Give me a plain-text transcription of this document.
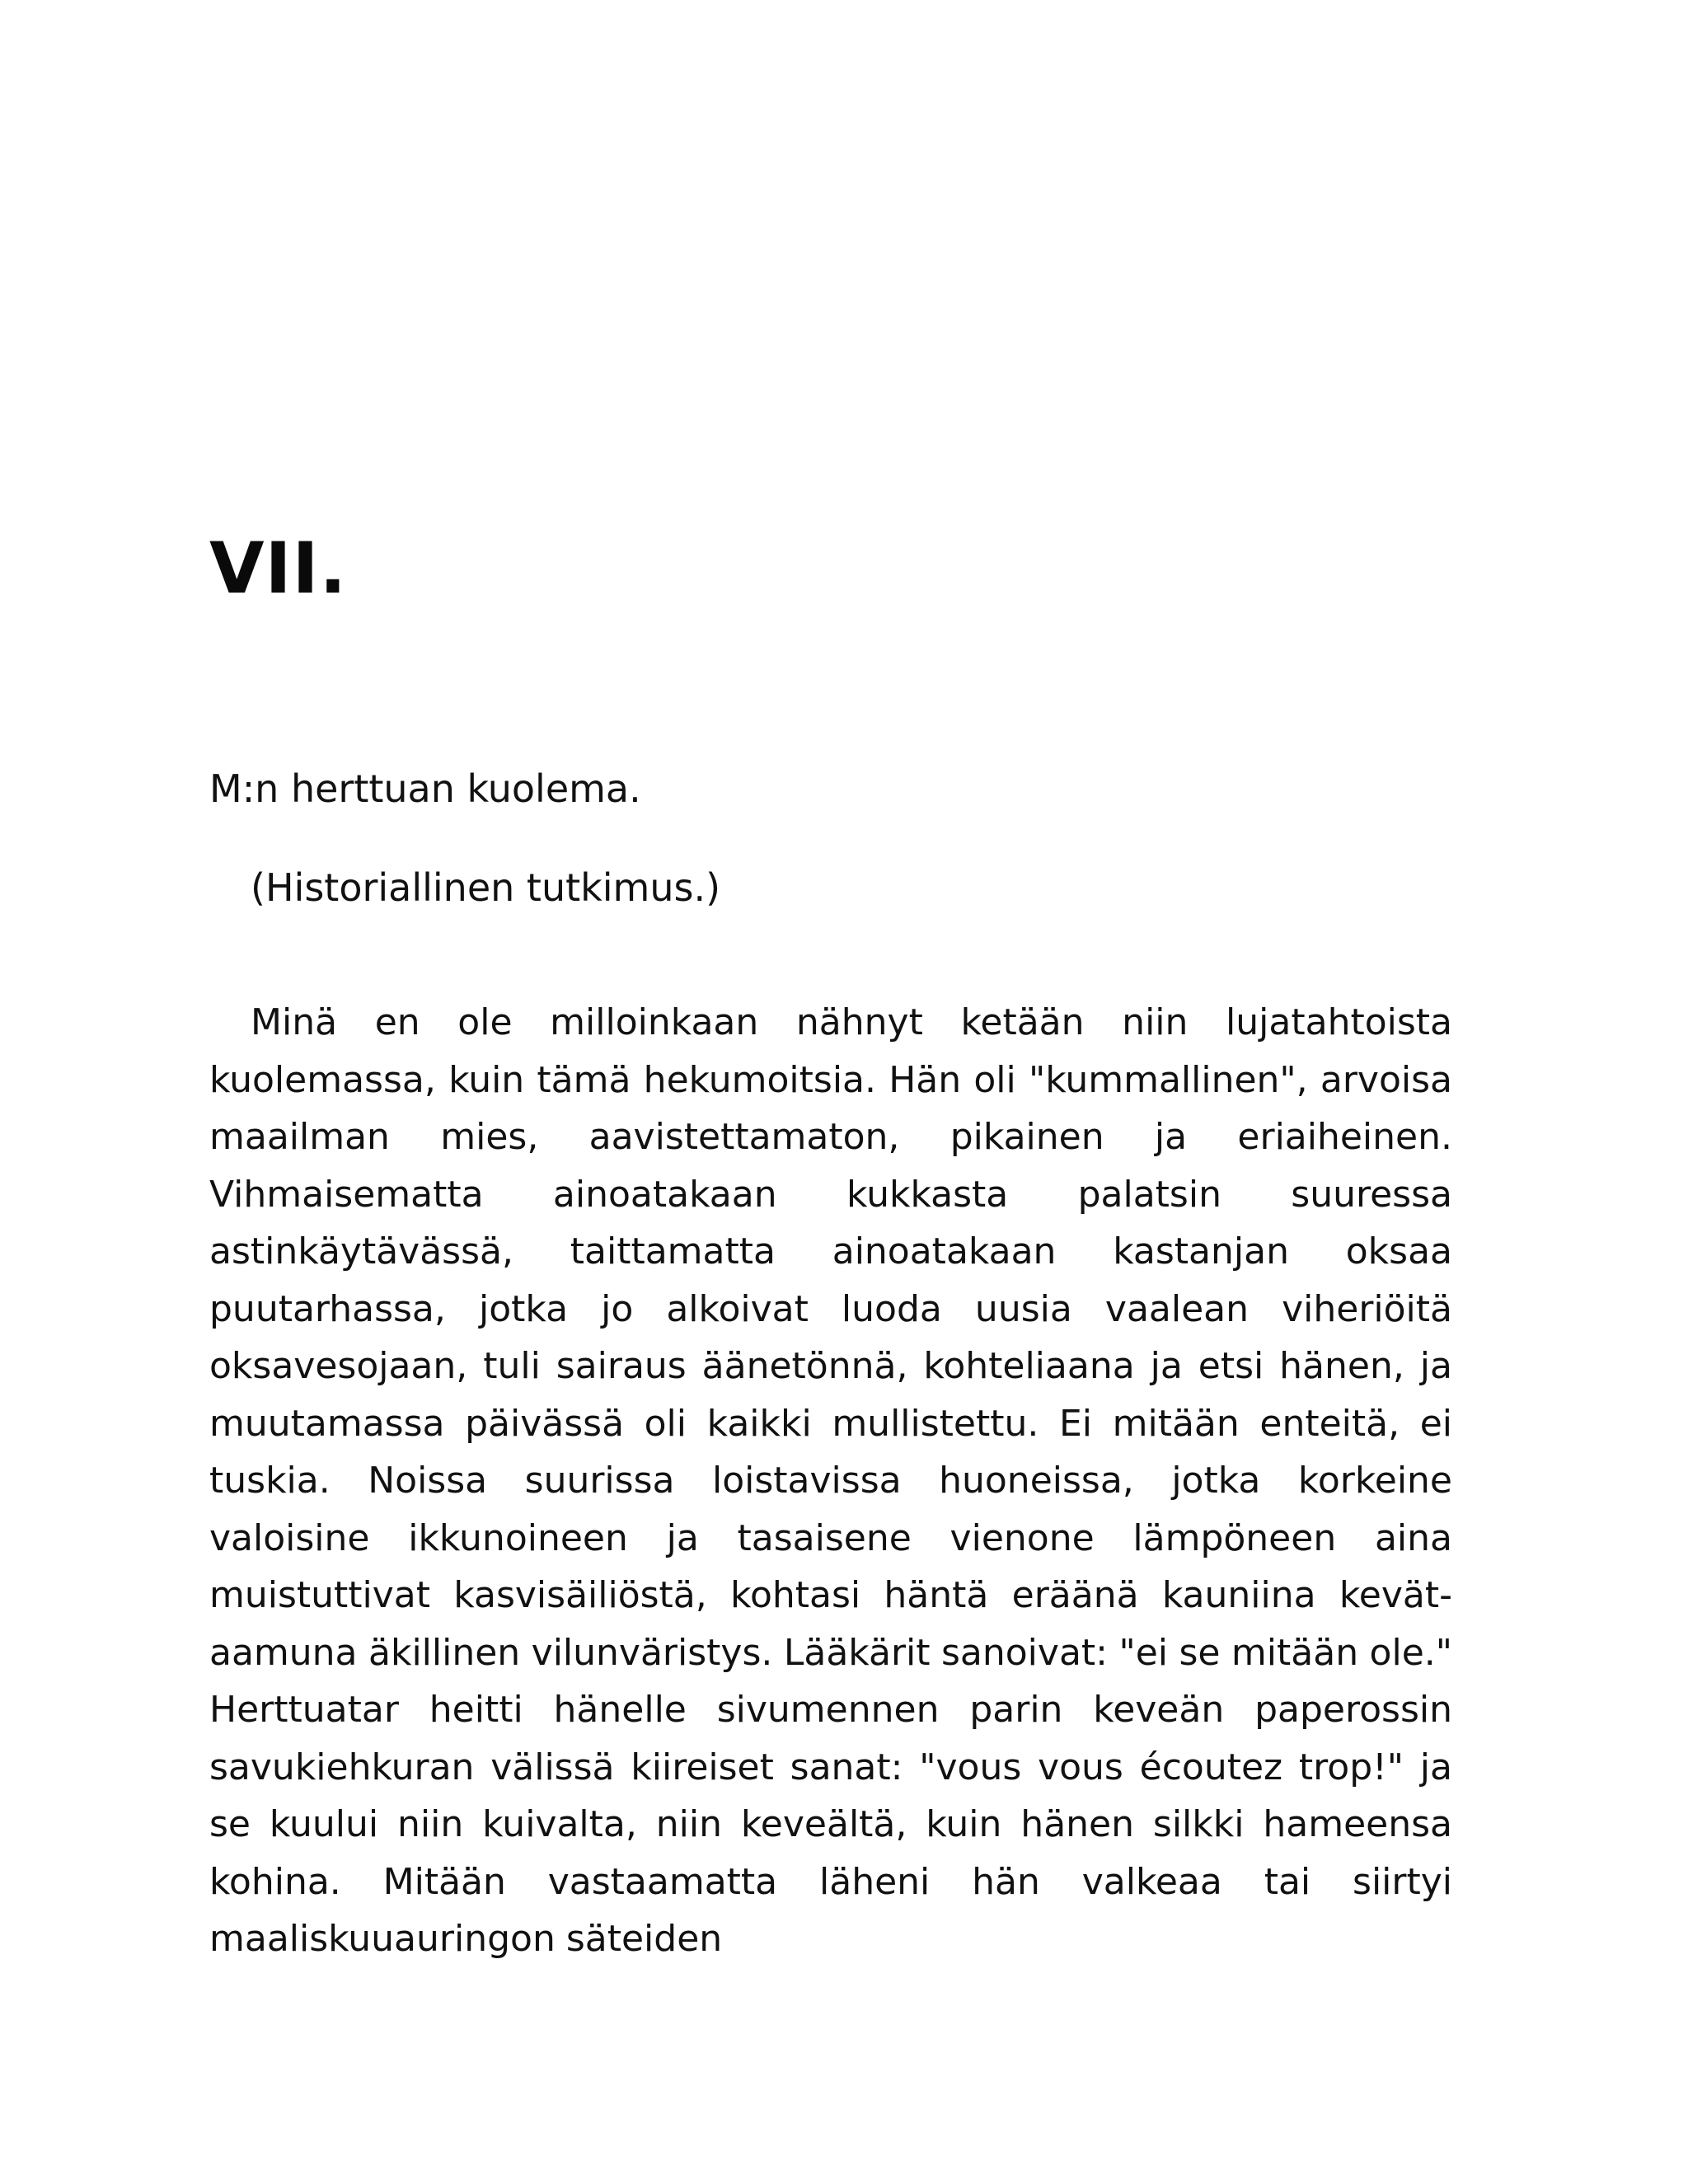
VII.

M:n herttuan kuolema.

(Historiallinen tutkimus.)

Minä en ole milloinkaan nähnyt ketään niin lujatahtoista kuolemassa, kuin tämä hekumoitsia. Hän oli "kummallinen", arvoisa maailman mies, aavistettamaton, pikainen ja eriaiheinen. Vihmaisematta ainoatakaan kukkasta palatsin suuressa astinkäytävässä, taittamatta ainoatakaan kastanjan oksaa puutarhassa, jotka jo alkoivat luoda uusia vaalean viheriöitä oksavesojaan, tuli sairaus äänetönnä, kohteliaana ja etsi hänen, ja muutamassa päivässä oli kaikki mullistettu. Ei mitään enteitä, ei tuskia. Noissa suurissa loistavissa huoneissa, jotka korkeine valoisine ikkunoineen ja tasaisene vienone lämpöneen aina muistuttivat kasvisäiliöstä, kohtasi häntä eräänä kauniina kevät-aamuna äkillinen vilunväristys. Lääkärit sanoivat: "ei se mitään ole." Herttuatar heitti hänelle sivumennen parin keveän paperossin savukiehkuran välissä kiireiset sanat: "vous vous écoutez trop!" ja se kuului niin kuivalta, niin keveältä, kuin hänen silkki hameensa kohina. Mitään vastaamatta läheni hän valkeaa tai siirtyi maaliskuuauringon säteiden
